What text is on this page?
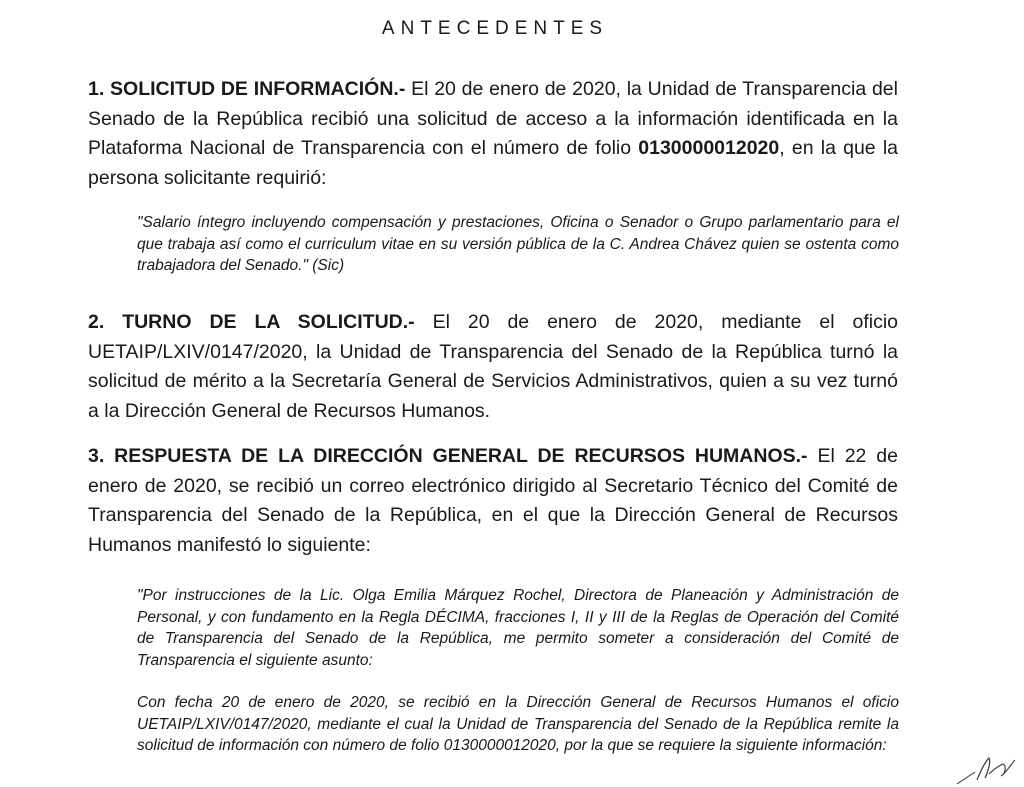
ANTECEDENTES

1. SOLICITUD DE INFORMACIÓN.- El 20 de enero de 2020, la Unidad de Transparencia del Senado de la República recibió una solicitud de acceso a la información identificada en la Plataforma Nacional de Transparencia con el número de folio 0130000012020, en la que la persona solicitante requirió:

"Salario íntegro incluyendo compensación y prestaciones, Oficina o Senador o Grupo parlamentario para el que trabaja así como el curriculum vitae en su versión pública de la C. Andrea Chávez quien se ostenta como trabajadora del Senado." (Sic)

2. TURNO DE LA SOLICITUD.- El 20 de enero de 2020, mediante el oficio UETAIP/LXIV/0147/2020, la Unidad de Transparencia del Senado de la República turnó la solicitud de mérito a la Secretaría General de Servicios Administrativos, quien a su vez turnó a la Dirección General de Recursos Humanos.

3. RESPUESTA DE LA DIRECCIÓN GENERAL DE RECURSOS HUMANOS.- El 22 de enero de 2020, se recibió un correo electrónico dirigido al Secretario Técnico del Comité de Transparencia del Senado de la República, en el que la Dirección General de Recursos Humanos manifestó lo siguiente:

"Por instrucciones de la Lic. Olga Emilia Márquez Rochel, Directora de Planeación y Administración de Personal, y con fundamento en la Regla DÉCIMA, fracciones I, II y III de la Reglas de Operación del Comité de Transparencia del Senado de la República, me permito someter a consideración del Comité de Transparencia el siguiente asunto:

Con fecha 20 de enero de 2020, se recibió en la Dirección General de Recursos Humanos el oficio UETAIP/LXIV/0147/2020, mediante el cual la Unidad de Transparencia del Senado de la República remite la solicitud de información con número de folio 0130000012020, por la que se requiere la siguiente información:
